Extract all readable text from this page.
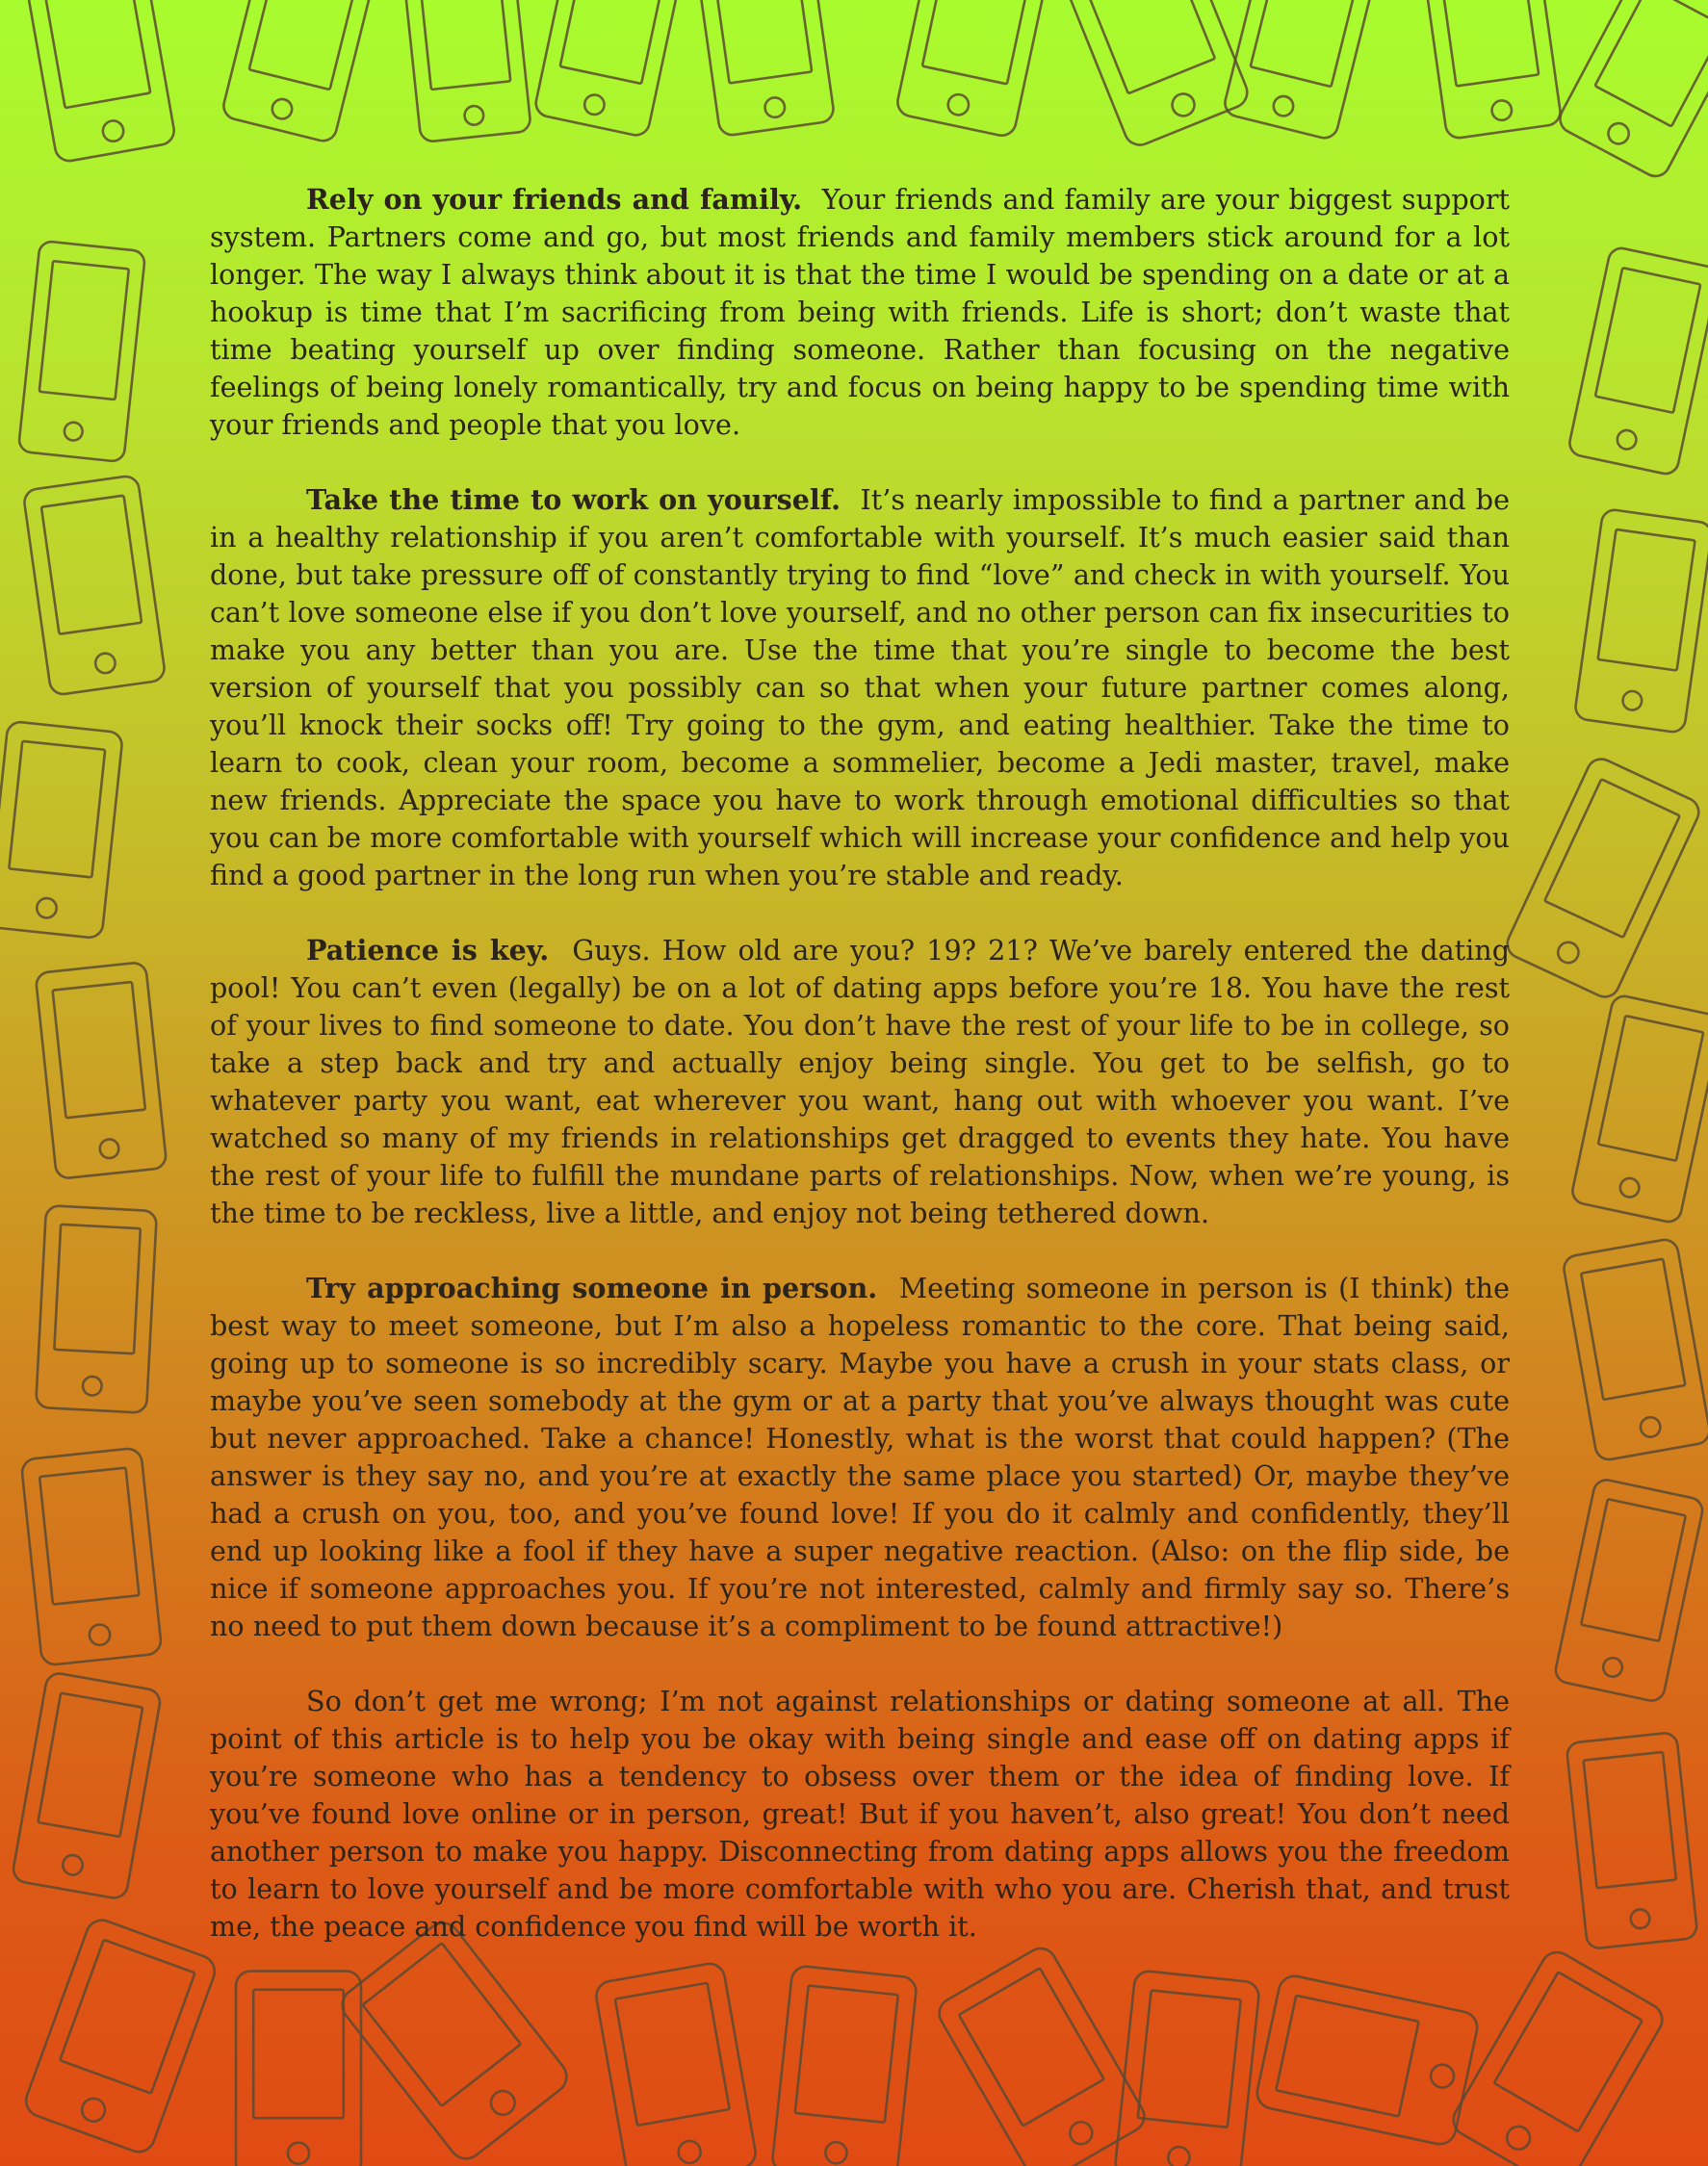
Rely on your friends and family. Your friends and family are your biggest support system. Partners come and go, but most friends and family members stick around for a lot longer. The way I always think about it is that the time I would be spending on a date or at a hookup is time that I’m sacrificing from being with friends. Life is short; don’t waste that time beating yourself up over finding someone. Rather than focusing on the negative feelings of being lonely romantically, try and focus on being happy to be spending time with your friends and people that you love.

Take the time to work on yourself. It’s nearly impossible to find a partner and be in a healthy relationship if you aren’t comfortable with yourself. It’s much easier said than done, but take pressure off of constantly trying to find “love” and check in with yourself. You can’t love someone else if you don’t love yourself, and no other person can fix insecurities to make you any better than you are. Use the time that you’re single to become the best version of yourself that you possibly can so that when your future partner comes along, you’ll knock their socks off! Try going to the gym, and eating healthier. Take the time to learn to cook, clean your room, become a sommelier, become a Jedi master, travel, make new friends. Appreciate the space you have to work through emotional difficulties so that you can be more comfortable with yourself which will increase your confidence and help you find a good partner in the long run when you’re stable and ready.

Patience is key. Guys. How old are you? 19? 21? We’ve barely entered the dating pool! You can’t even (legally) be on a lot of dating apps before you’re 18. You have the rest of your lives to find someone to date. You don’t have the rest of your life to be in college, so take a step back and try and actually enjoy being single. You get to be selfish, go to whatever party you want, eat wherever you want, hang out with whoever you want. I’ve watched so many of my friends in relationships get dragged to events they hate. You have the rest of your life to fulfill the mundane parts of relationships. Now, when we’re young, is the time to be reckless, live a little, and enjoy not being tethered down.

Try approaching someone in person. Meeting someone in person is (I think) the best way to meet someone, but I’m also a hopeless romantic to the core. That being said, going up to someone is so incredibly scary. Maybe you have a crush in your stats class, or maybe you’ve seen somebody at the gym or at a party that you’ve always thought was cute but never approached. Take a chance! Honestly, what is the worst that could happen? (The answer is they say no, and you’re at exactly the same place you started) Or, maybe they’ve had a crush on you, too, and you’ve found love! If you do it calmly and confidently, they’ll end up looking like a fool if they have a super negative reaction. (Also: on the flip side, be nice if someone approaches you. If you’re not interested, calmly and firmly say so. There’s no need to put them down because it’s a compliment to be found attractive!)

So don’t get me wrong; I’m not against relationships or dating someone at all. The point of this article is to help you be okay with being single and ease off on dating apps if you’re someone who has a tendency to obsess over them or the idea of finding love. If you’ve found love online or in person, great! But if you haven’t, also great! You don’t need another person to make you happy. Disconnecting from dating apps allows you the freedom to learn to love yourself and be more comfortable with who you are. Cherish that, and trust me, the peace and confidence you find will be worth it.
